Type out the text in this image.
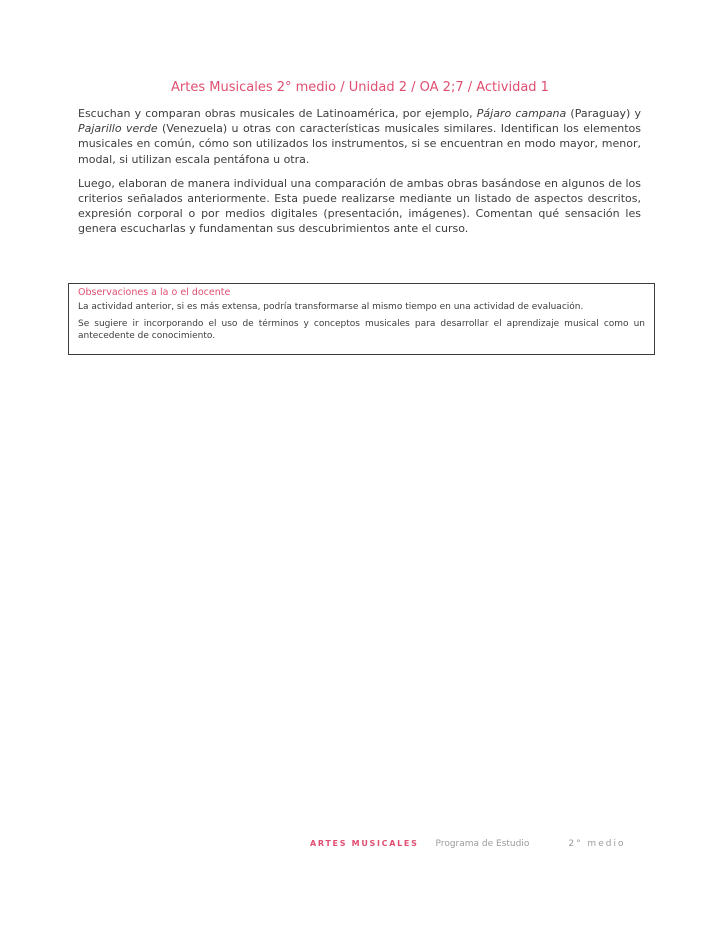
Artes Musicales 2° medio / Unidad 2 / OA 2;7 / Actividad 1

Escuchan y comparan obras musicales de Latinoamérica, por ejemplo, Pájaro campana (Paraguay) y Pajarillo verde (Venezuela) u otras con características musicales similares. Identifican los elementos musicales en común, cómo son utilizados los instrumentos, si se encuentran en modo mayor, menor, modal, si utilizan escala pentáfona u otra.

Luego, elaboran de manera individual una comparación de ambas obras basándose en algunos de los criterios señalados anteriormente. Esta puede realizarse mediante un listado de aspectos descritos, expresión corporal o por medios digitales (presentación, imágenes). Comentan qué sensación les genera escucharlas y fundamentan sus descubrimientos ante el curso.

Observaciones a la o el docente

La actividad anterior, si es más extensa, podría transformarse al mismo tiempo en una actividad de evaluación.

Se sugiere ir incorporando el uso de términos y conceptos musicales para desarrollar el aprendizaje musical como un antecedente de conocimiento.

ARTES MUSICALES Programa de Estudio	2° medio
